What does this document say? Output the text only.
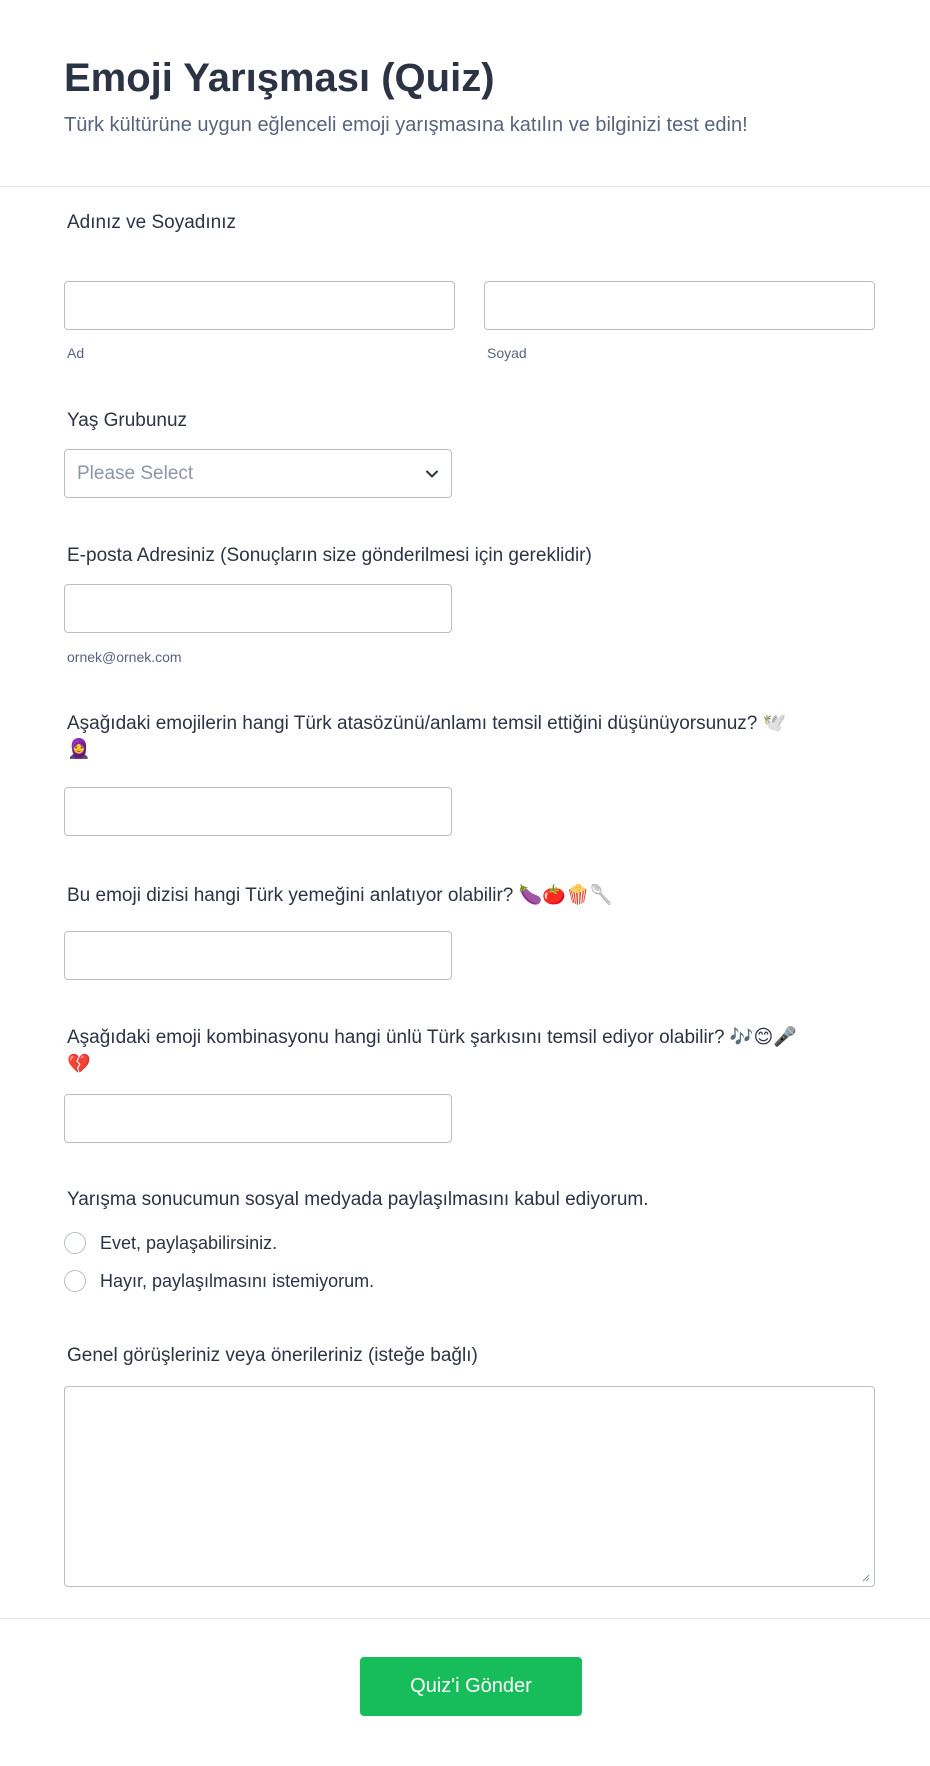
Emoji Yarışması (Quiz)
Türk kültürüne uygun eğlenceli emoji yarışmasına katılın ve bilginizi test edin!
Adınız ve Soyadınız
Ad	Soyad
Yaş Grubunuz
Please Select
E-posta Adresiniz (Sonuçların size gönderilmesi için gereklidir)
ornek@ornek.com
Aşağıdaki emojilerin hangi Türk atasözünü/anlamı temsil ettiğini düşünüyorsunuz? 🕊️
🧕
Bu emoji dizisi hangi Türk yemeğini anlatıyor olabilir? 🍆🍅🍿🥄
Aşağıdaki emoji kombinasyonu hangi ünlü Türk şarkısını temsil ediyor olabilir? 🎶😊🎤
💔
Yarışma sonucumun sosyal medyada paylaşılmasını kabul ediyorum.
Evet, paylaşabilirsiniz.
Hayır, paylaşılmasını istemiyorum.
Genel görüşleriniz veya önerileriniz (isteğe bağlı)
Quiz'i Gönder
